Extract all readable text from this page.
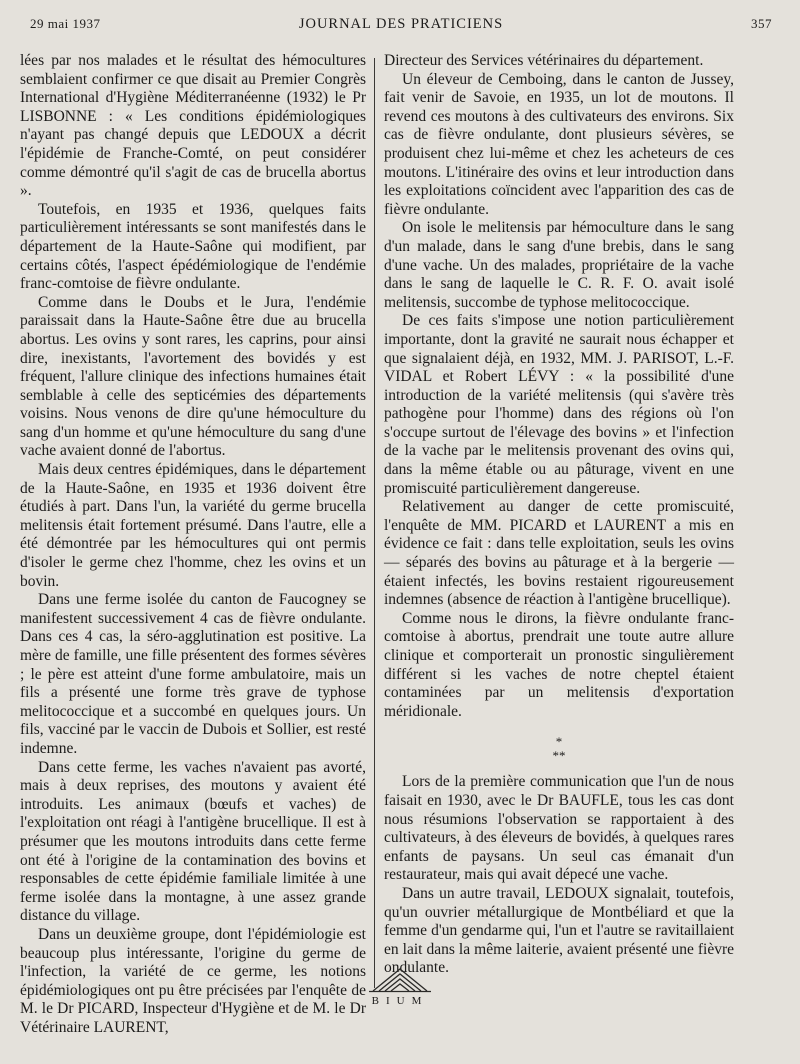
29 mai 1937	JOURNAL DES PRATICIENS	357

lées par nos malades et le résultat des hémocultures semblaient confirmer ce que disait au Premier Congrès International d'Hygiène Méditerranéenne (1932) le Pr LISBONNE : « Les conditions épidémiologiques n'ayant pas changé depuis que LEDOUX a décrit l'épidémie de Franche-Comté, on peut considérer comme démontré qu'il s'agit de cas de brucella abortus ».

Toutefois, en 1935 et 1936, quelques faits particulièrement intéressants se sont manifestés dans le département de la Haute-Saône qui modifient, par certains côtés, l'aspect épédémiologique de l'endémie franc-comtoise de fièvre ondulante.

Comme dans le Doubs et le Jura, l'endémie paraissait dans la Haute-Saône être due au brucella abortus. Les ovins y sont rares, les caprins, pour ainsi dire, inexistants, l'avortement des bovidés y est fréquent, l'allure clinique des infections humaines était semblable à celle des septicémies des départements voisins. Nous venons de dire qu'une hémoculture du sang d'un homme et qu'une hémoculture du sang d'une vache avaient donné de l'abortus.

Mais deux centres épidémiques, dans le département de la Haute-Saône, en 1935 et 1936 doivent être étudiés à part. Dans l'un, la variété du germe brucella melitensis était fortement présumé. Dans l'autre, elle a été démontrée par les hémocultures qui ont permis d'isoler le germe chez l'homme, chez les ovins et un bovin.

Dans une ferme isolée du canton de Faucogney se manifestent successivement 4 cas de fièvre ondulante. Dans ces 4 cas, la séro-agglutination est positive. La mère de famille, une fille présentent des formes sévères ; le père est atteint d'une forme ambulatoire, mais un fils a présenté une forme très grave de typhose melitococcique et a succombé en quelques jours. Un fils, vacciné par le vaccin de Dubois et Sollier, est resté indemne.

Dans cette ferme, les vaches n'avaient pas avorté, mais à deux reprises, des moutons y avaient été introduits. Les animaux (bœufs et vaches) de l'exploitation ont réagi à l'antigène brucellique. Il est à présumer que les moutons introduits dans cette ferme ont été à l'origine de la contamination des bovins et responsables de cette épidémie familiale limitée à une ferme isolée dans la montagne, à une assez grande distance du village.

Dans un deuxième groupe, dont l'épidémiologie est beaucoup plus intéressante, l'origine du germe de l'infection, la variété de ce germe, les notions épidémiologiques ont pu être précisées par l'enquête de M. le Dr PICARD, Inspecteur d'Hygiène et de M. le Dr Vétérinaire LAURENT,

Directeur des Services vétérinaires du département.

Un éleveur de Cemboing, dans le canton de Jussey, fait venir de Savoie, en 1935, un lot de moutons. Il revend ces moutons à des cultivateurs des environs. Six cas de fièvre ondulante, dont plusieurs sévères, se produisent chez lui-même et chez les acheteurs de ces moutons. L'itinéraire des ovins et leur introduction dans les exploitations coïncident avec l'apparition des cas de fièvre ondulante.

On isole le melitensis par hémoculture dans le sang d'un malade, dans le sang d'une brebis, dans le sang d'une vache. Un des malades, propriétaire de la vache dans le sang de laquelle le C. R. F. O. avait isolé melitensis, succombe de typhose melitococcique.

De ces faits s'impose une notion particulièrement importante, dont la gravité ne saurait nous échapper et que signalaient déjà, en 1932, MM. J. PARISOT, L.-F. VIDAL et Robert LÉVY : « la possibilité d'une introduction de la variété melitensis (qui s'avère très pathogène pour l'homme) dans des régions où l'on s'occupe surtout de l'élevage des bovins » et l'infection de la vache par le melitensis provenant des ovins qui, dans la même étable ou au pâturage, vivent en une promiscuité particulièrement dangereuse.

Relativement au danger de cette promiscuité, l'enquête de MM. PICARD et LAURENT a mis en évidence ce fait : dans telle exploitation, seuls les ovins — séparés des bovins au pâturage et à la bergerie — étaient infectés, les bovins restaient rigoureusement indemnes (absence de réaction à l'antigène brucellique).

Comme nous le dirons, la fièvre ondulante franc-comtoise à abortus, prendrait une toute autre allure clinique et comporterait un pronostic singulièrement différent si les vaches de notre cheptel étaient contaminées par un melitensis d'exportation méridionale.

*
**

Lors de la première communication que l'un de nous faisait en 1930, avec le Dr BAUFLE, tous les cas dont nous résumions l'observation se rapportaient à des cultivateurs, à des éleveurs de bovidés, à quelques rares enfants de paysans. Un seul cas émanait d'un restaurateur, mais qui avait dépecé une vache.

Dans un autre travail, LEDOUX signalait, toutefois, qu'un ouvrier métallurgique de Montbéliard et que la femme d'un gendarme qui, l'un et l'autre se ravitaillaient en lait dans la même laiterie, avaient présenté une fièvre ondulante.

BIUM
